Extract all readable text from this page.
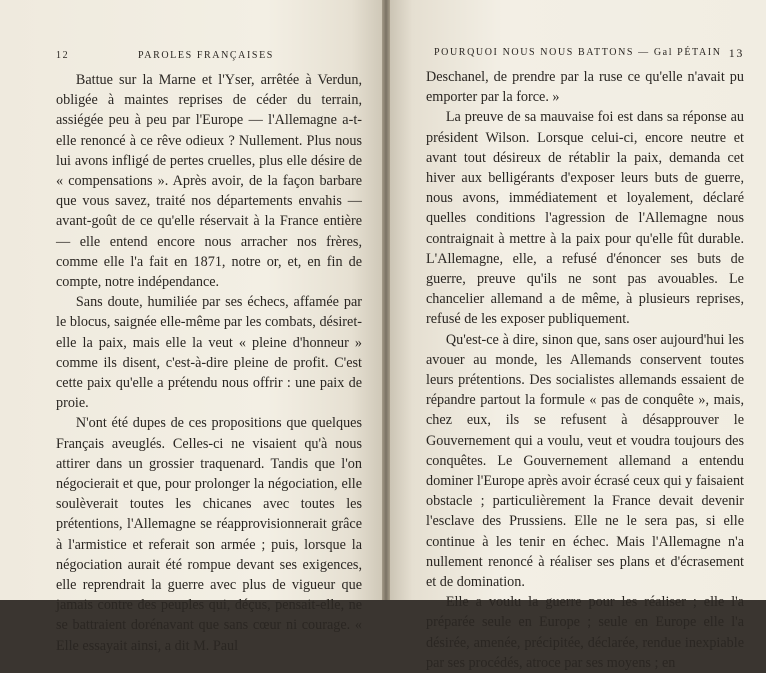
12	PAROLES FRANÇAISES

Battue sur la Marne et l'Yser, arrêtée à Verdun, obligée à maintes reprises de céder du terrain, assiégée peu à peu par l'Europe — l'Allemagne a-t-elle renoncé à ce rêve odieux ? Nullement. Plus nous lui avons infligé de pertes cruelles, plus elle désire de « compensations ». Après avoir, de la façon barbare que vous savez, traité nos départements envahis — avant-goût de ce qu'elle réservait à la France entière — elle entend encore nous arracher nos frères, comme elle l'a fait en 1871, notre or, et, en fin de compte, notre indépendance.

Sans doute, humiliée par ses échecs, affamée par le blocus, saignée elle-même par les combats, désiret-elle la paix, mais elle la veut « pleine d'honneur » comme ils disent, c'est-à-dire pleine de profit. C'est cette paix qu'elle a prétendu nous offrir : une paix de proie.

N'ont été dupes de ces propositions que quelques Français aveuglés. Celles-ci ne visaient qu'à nous attirer dans un grossier traquenard. Tandis que l'on négocierait et que, pour prolonger la négociation, elle soulèverait toutes les chicanes avec toutes les prétentions, l'Allemagne se réapprovisionnerait grâce à l'armistice et referait son armée ; puis, lorsque la négociation aurait été rompue devant ses exigences, elle reprendrait la guerre avec plus de vigueur que jamais contre des peuples qui, déçus, pensait-elle, ne se battraient dorénavant que sans cœur ni courage. « Elle essayait ainsi, a dit M. Paul

POURQUOI NOUS NOUS BATTONS — Gal PÉTAIN 13

Deschanel, de prendre par la ruse ce qu'elle n'avait pu emporter par la force. »

La preuve de sa mauvaise foi est dans sa réponse au président Wilson. Lorsque celui-ci, encore neutre et avant tout désireux de rétablir la paix, demanda cet hiver aux belligérants d'exposer leurs buts de guerre, nous avons, immédiatement et loyalement, déclaré quelles conditions l'agression de l'Allemagne nous contraignait à mettre à la paix pour qu'elle fût durable. L'Allemagne, elle, a refusé d'énoncer ses buts de guerre, preuve qu'ils ne sont pas avouables. Le chancelier allemand a de même, à plusieurs reprises, refusé de les exposer publiquement.

Qu'est-ce à dire, sinon que, sans oser aujourd'hui les avouer au monde, les Allemands conservent toutes leurs prétentions. Des socialistes allemands essaient de répandre partout la formule « pas de conquête », mais, chez eux, ils se refusent à désapprouver le Gouvernement qui a voulu, veut et voudra toujours des conquêtes. Le Gouvernement allemand a entendu dominer l'Europe après avoir écrasé ceux qui y faisaient obstacle ; particulièrement la France devait devenir l'esclave des Prussiens. Elle ne le sera pas, si elle continue à les tenir en échec. Mais l'Allemagne n'a nullement renoncé à réaliser ses plans et d'écrasement et de domination.

Elle a voulu la guerre pour les réaliser ; elle l'a préparée seule en Europe ; seule en Europe elle l'a désirée, amenée, précipitée, déclarée, rendue inexpiable par ses procédés, atroce par ses moyens ; en
